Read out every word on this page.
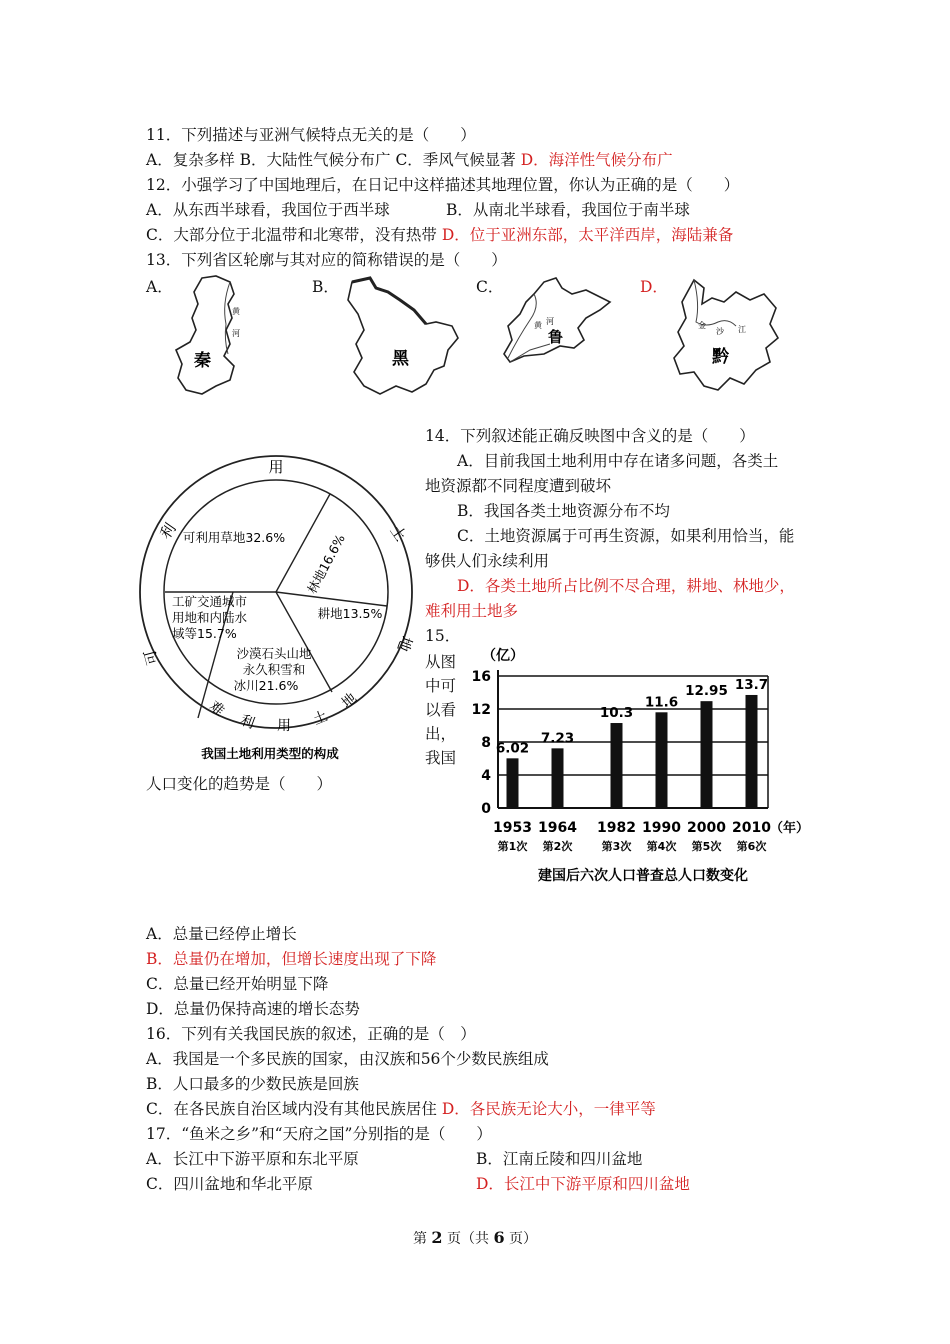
11．下列描述与亚洲气候特点无关的是（　　）
A．复杂多样 B．大陆性气候分布广 C．季风气候显著 D．海洋性气候分布广
12．小强学习了中国地理后，在日记中这样描述其地理位置，你认为正确的是（　　）
A．从东西半球看，我国位于西半球	B．从南北半球看，我国位于南半球
C．大部分位于北温带和北寒带，没有热带 D．位于亚洲东部，太平洋西岸，海陆兼备
13．下列省区轮廓与其对应的简称错误的是（　　）
A．	B．	C．	D．
黄
河
秦	黑
黄 河
鲁
金
沙 江
黔
用
土
利
可
地
难
利 用 土
地
可利用草地32.6% 林地16.6%
耕地13.5%
沙漠石头山地
永久积雪和
冰川21.6%
工矿交通城市
用地和内陆水
域等15.7%
我国土地利用类型的构成
14．下列叙述能正确反映图中含义的是（　　）
A．目前我国土地利用中存在诸多问题，各类土
地资源都不同程度遭到破坏
B．我国各类土地资源分布不均
C．土地资源属于可再生资源，如果利用恰当，能
够供人们永续利用
D．各类土地所占比例不尽合理，耕地、林地少，
难利用土地多
15．
从图
中可
以看
出，
我国
人口变化的趋势是（　　）
（亿）
（年）
建国后六次人口普查总人口数变化
0
4
8
12
16
6.02
1953
第1次
7.23
1964
第2次
10.3
1982
第3次
11.6
1990
第4次
12.95
2000
第5次
13.7
2010
第6次
A．总量已经停止增长
B．总量仍在增加，但增长速度出现了下降
C．总量已经开始明显下降
D．总量仍保持高速的增长态势
16．下列有关我国民族的叙述，正确的是（　）
A．我国是一个多民族的国家，由汉族和56个少数民族组成
B．人口最多的少数民族是回族
C．在各民族自治区域内没有其他民族居住 D．各民族无论大小，一律平等
17．“鱼米之乡”和“天府之国”分别指的是（　　）
A．长江中下游平原和东北平原	B．江南丘陵和四川盆地
C．四川盆地和华北平原	D．长江中下游平原和四川盆地
第 2 页（共 6 页）
